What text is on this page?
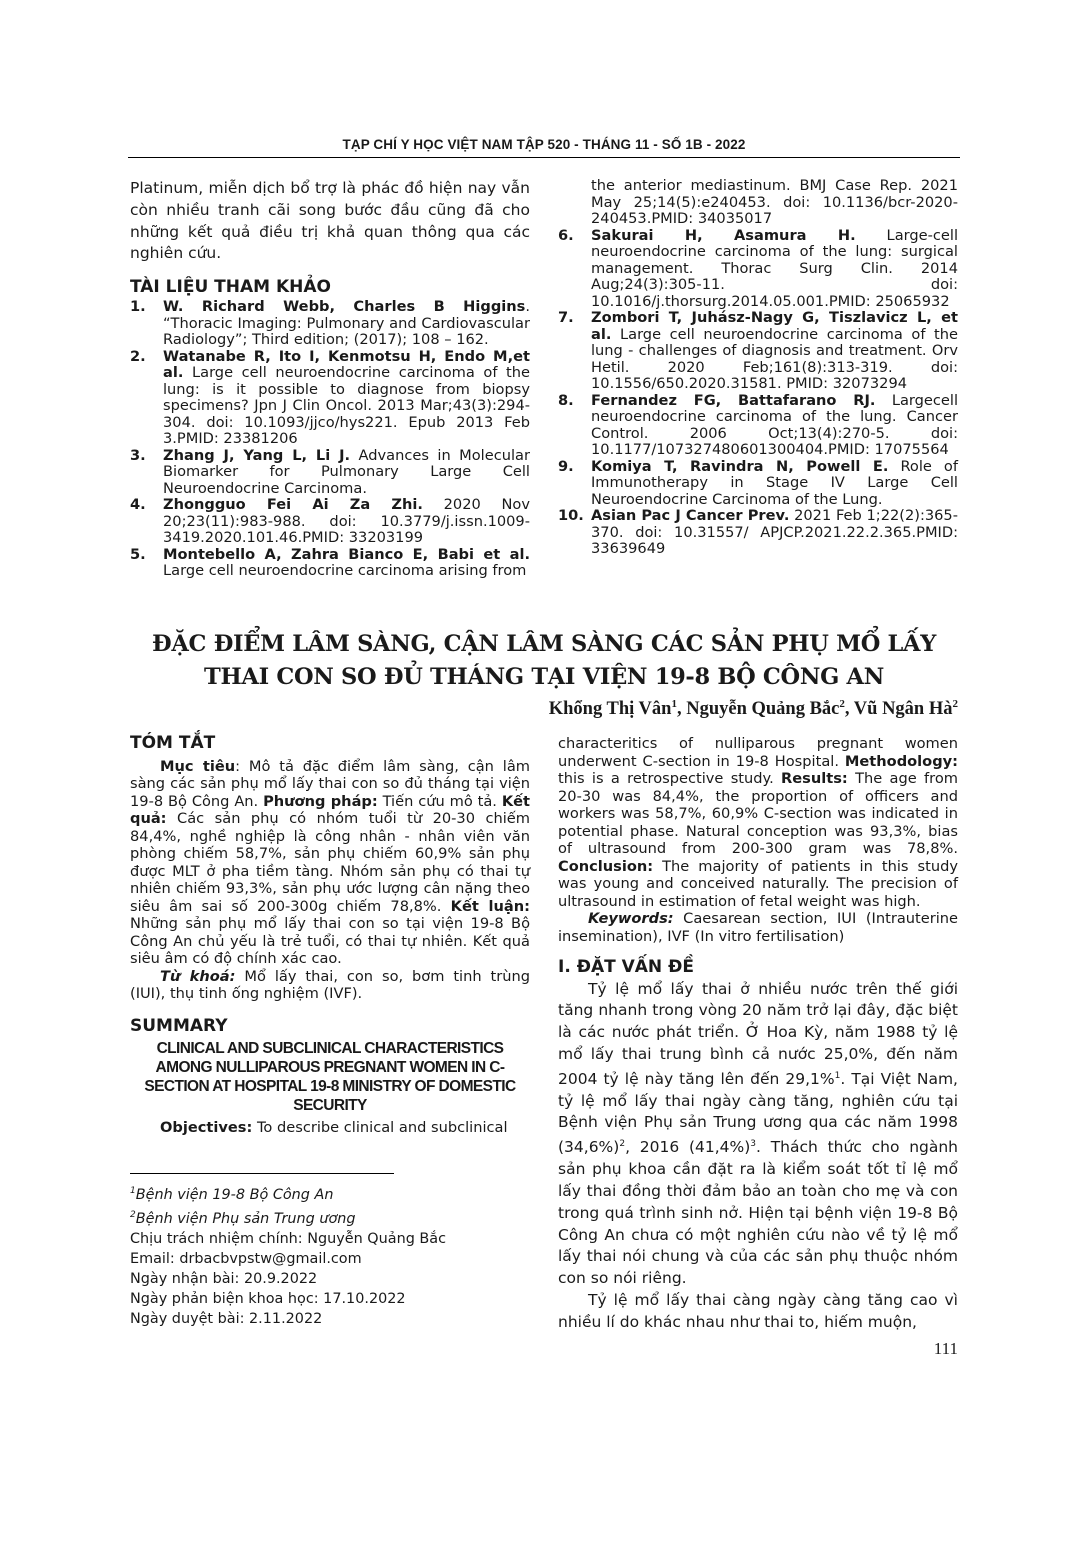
TẠP CHÍ Y HỌC VIỆT NAM TẬP 520 - THÁNG 11 - SỐ 1B - 2022
Platinum, miễn dịch bổ trợ là phác đồ hiện nay vẫn còn nhiều tranh cãi song bước đầu cũng đã cho những kết quả điều trị khả quan thông qua các nghiên cứu.
TÀI LIỆU THAM KHẢO
1.	W. Richard Webb, Charles B Higgins. “Thoracic Imaging: Pulmonary and Cardiovascular Radiology”; Third edition; (2017); 108 – 162.
2.	Watanabe R, Ito I, Kenmotsu H, Endo M,et al. Large cell neuroendocrine carcinoma of the lung: is it possible to diagnose from biopsy specimens? Jpn J Clin Oncol. 2013 Mar;43(3):294-304. doi: 10.1093/jjco/hys221. Epub 2013 Feb 3.PMID: 23381206
3.	Zhang J, Yang L, Li J. Advances in Molecular Biomarker for Pulmonary Large Cell Neuroendocrine Carcinoma.
4.	Zhongguo Fei Ai Za Zhi. 2020 Nov 20;23(11):983-988. doi: 10.3779/j.issn.1009-3419.2020.101.46.PMID: 33203199
5.	Montebello A, Zahra Bianco E, Babi et al. Large cell neuroendocrine carcinoma arising from
the anterior mediastinum. BMJ Case Rep. 2021 May 25;14(5):e240453. doi: 10.1136/bcr-2020-240453.PMID: 34035017
6.	Sakurai H, Asamura H. Large-cell neuroendocrine carcinoma of the lung: surgical management. Thorac Surg Clin. 2014 Aug;24(3):305-11. doi: 10.1016/j.thorsurg.2014.05.001.PMID: 25065932
7.	Zombori T, Juhász-Nagy G, Tiszlavicz L, et al. Large cell neuroendocrine carcinoma of the lung - challenges of diagnosis and treatment. Orv Hetil. 2020 Feb;161(8):313-319. doi: 10.1556/650.2020.31581. PMID: 32073294
8.	Fernandez FG, Battafarano RJ. Largecell neuroendocrine carcinoma of the lung. Cancer Control. 2006 Oct;13(4):270-5. doi: 10.1177/107327480601300404.PMID: 17075564
9.	Komiya T, Ravindra N, Powell E. Role of Immunotherapy in Stage IV Large Cell Neuroendocrine Carcinoma of the Lung.
10. Asian Pac J Cancer Prev. 2021 Feb 1;22(2):365-370. doi: 10.31557/ APJCP.2021.22.2.365.PMID: 33639649
ĐẶC ĐIỂM LÂM SÀNG, CẬN LÂM SÀNG CÁC SẢN PHỤ MỔ LẤY THAI CON SO ĐỦ THÁNG TẠI VIỆN 19-8 BỘ CÔNG AN
Khổng Thị Vân$^1$, Nguyễn Quảng Bắc$^2$, Vũ Ngân $Hà^2$
TÓM TẮT

Mục tiêu: Mô tả đặc điểm lâm sàng, cận lâm sàng các sản phụ mổ lấy thai con so đủ tháng tại viện 19-8 Bộ Công An. Phương pháp: Tiến cứu mô tả. Kết quả: Các sản phụ có nhóm tuổi từ 20-30 chiếm 84,4%, nghề nghiệp là công nhân - nhân viên văn phòng chiếm 58,7%, sản phụ chiếm 60,9% sản phụ được MLT ở pha tiềm tàng. Nhóm sản phụ có thai tự nhiên chiếm 93,3%, sản phụ ước lượng cân nặng theo siêu âm sai số 200-300g chiếm 78,8%. Kết luận: Những sản phụ mổ lấy thai con so tại viện 19-8 Bộ Công An chủ yếu là trẻ tuổi, có thai tự nhiên. Kết quả siêu âm có độ chính xác cao.

Từ khoá: Mổ lấy thai, con so, bơm tinh trùng (IUI), thụ tinh ống nghiệm (IVF).

SUMMARY
CLINICAL AND SUBCLINICAL CHARACTERISTICS AMONG NULLIPAROUS PREGNANT WOMEN IN C-SECTION AT HOSPITAL 19-8 MINISTRY OF DOMESTIC SECURITY

Objectives: To describe clinical and subclinical

characteritics of nulliparous pregnant women underwent C-section in 19-8 Hospital. Methodology: this is a retrospective study. Results: The age from 20-30 was 84,4%, the proportion of officers and workers was 58,7%, 60,9% C-section was indicated in potential phase. Natural conception was 93,3%, bias of ultrasound from 200-300 gram was 78,8%. Conclusion: The majority of patients in this study was young and conceived naturally. The precision of ultrasound in estimation of fetal weight was high.

Keywords: Caesarean section, IUI (Intrauterine insemination), IVF (In vitro fertilisation)

I. ĐẶT VẤN ĐỀ

Tỷ lệ mổ lấy thai ở nhiều nước trên thế giới tăng nhanh trong vòng 20 năm trở lại đây, đặc biệt là các nước phát triển. Ở Hoa Kỳ, năm 1988 tỷ lệ mổ lấy thai trung bình cả nước 25,0%, đến năm 2004 tỷ lệ này tăng lên đến 29,1%$^1$. Tại Việt Nam, tỷ lệ mổ lấy thai ngày càng tăng, nghiên cứu tại Bệnh viện Phụ sản Trung ương qua các năm 1998 $(34,6\%)^2$, 2016 $(41,4\%)^3$. Thách thức cho ngành sản phụ khoa cần đặt ra là kiểm soát tốt tỉ lệ mổ lấy thai đồng thời đảm bảo an toàn cho mẹ và con trong quá trình sinh nở. Hiện tại bệnh viện 19-8 Bộ Công An chưa có một nghiên cứu nào về tỷ lệ mổ lấy thai nói chung và của các sản phụ thuộc nhóm con so nói riêng.

Tỷ lệ mổ lấy thai càng ngày càng tăng cao vì nhiều lí do khác nhau như thai to, hiếm muộn,

$^1$Bệnh viện 19-8 Bộ Công An
$^2$Bệnh viện Phụ sản Trung ương
Chịu trách nhiệm chính: Nguyễn Quảng Bắc
Email: drbacbvpstw@gmail.com
Ngày nhận bài: 20.9.2022
Ngày phản biện khoa học: 17.10.2022
Ngày duyệt bài: 2.11.2022
111
